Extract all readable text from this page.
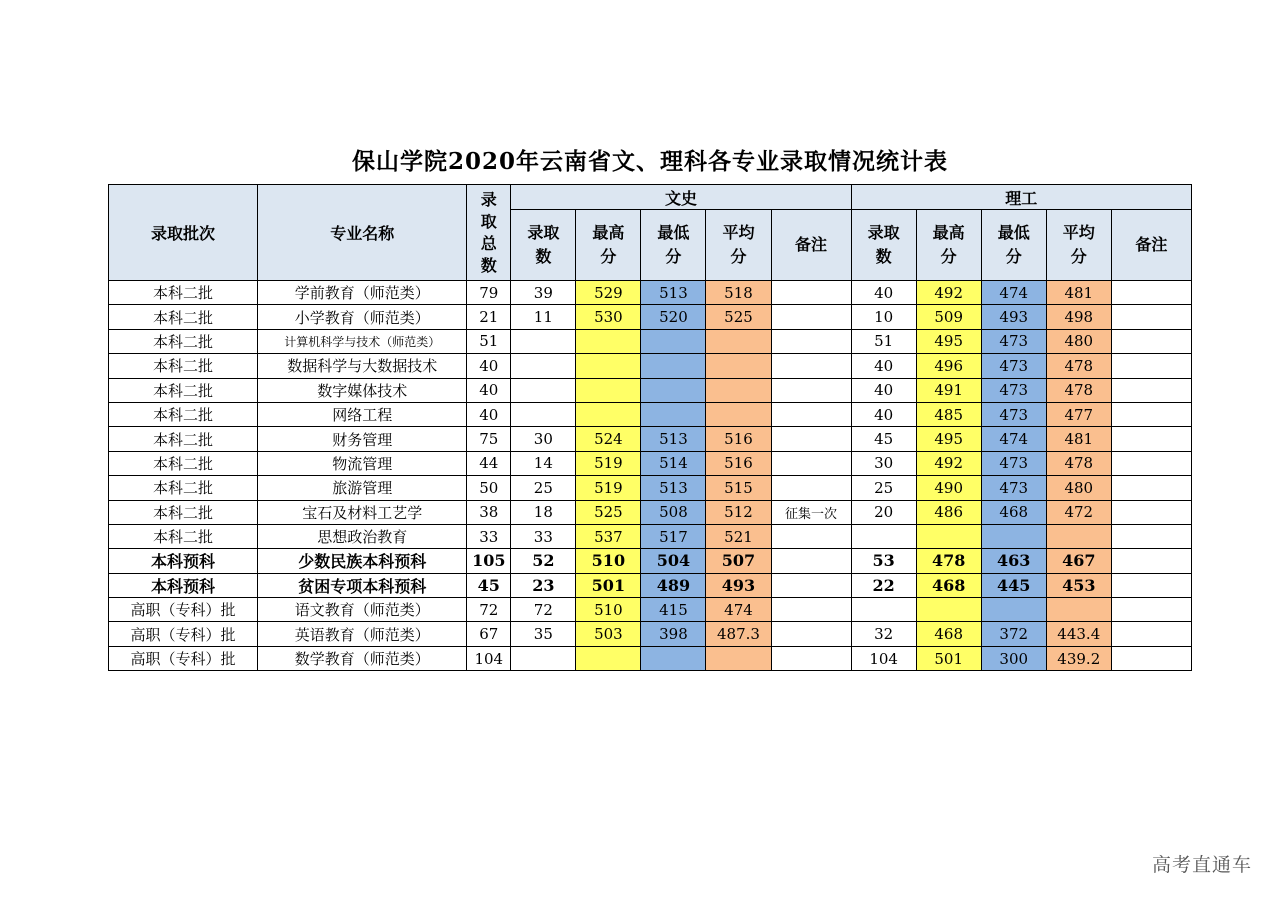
保山学院2020年云南省文、理科各专业录取情况统计表
录取批次	专业名称	录取总数	文史					理工				
			录取数	最高分	最低分	平均分	备注	录取数	最高分	最低分	平均分	备注
本科二批	学前教育（师范类）	79	39	529	513	518		40	492	474	481	
本科二批	小学教育（师范类）	21	11	530	520	525		10	509	493	498	
本科二批	计算机科学与技术（师范类）	51						51	495	473	480	
本科二批	数据科学与大数据技术	40						40	496	473	478	
本科二批	数字媒体技术	40						40	491	473	478	
本科二批	网络工程	40						40	485	473	477	
本科二批	财务管理	75	30	524	513	516		45	495	474	481	
本科二批	物流管理	44	14	519	514	516		30	492	473	478	
本科二批	旅游管理	50	25	519	513	515		25	490	473	480	
本科二批	宝石及材料工艺学	38	18	525	508	512	征集一次	20	486	468	472	
本科二批	思想政治教育	33	33	537	517	521						
本科预科	少数民族本科预科	105	52	510	504	507		53	478	463	467	
本科预科	贫困专项本科预科	45	23	501	489	493		22	468	445	453	
高职（专科）批	语文教育（师范类）	72	72	510	415	474						
高职（专科）批	英语教育（师范类）	67	35	503	398	487.3		32	468	372	443.4	
高职（专科）批	数学教育（师范类）	104						104	501	300	439.2	
高考直通车
